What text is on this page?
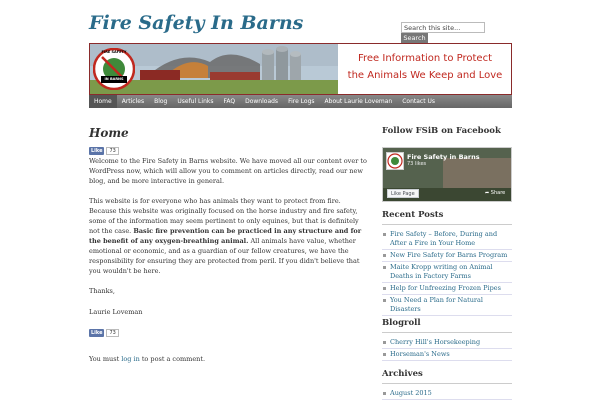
Fire Safety In Barns
Search this site...
Search
FIRE SAFETY
IN BARNS
Free Information to Protect
the Animals We Keep and Love
Home	Articles	Blog	Useful Links	FAQ	Downloads	Fire Logs	About Laurie Loveman	Contact Us
Home
Like	73
Welcome to the Fire Safety in Barns website. We have moved all our content over to WordPress now, which will allow you to comment on articles directly, read our new blog, and be more interactive in general.
This website is for everyone who has animals they want to protect from fire. Because this website was originally focused on the horse industry and fire safety, some of the information may seem pertinent to only equines, but that is definitely not the case. Basic fire prevention can be practiced in any structure and for the benefit of any oxygen-breathing animal. All animals have value, whether emotional or economic, and as a guardian of our fellow creatures, we have the responsibility for ensuring they are protected from peril. If you didn't believe that you wouldn't be here.
Thanks,
Laurie Loveman
Like	73
You must log in to post a comment.
Follow FSiB on Facebook
Fire Safety in Barns
73 likes
Like Page	➦ Share
Recent Posts
Fire Safety – Before, During and After a Fire in Your Home
New Fire Safety for Barns Program
Maite Kropp writing on Animal Deaths in Factory Farms
Help for Unfreezing Frozen Pipes
You Need a Plan for Natural Disasters
Blogroll
Cherry Hill's Horsekeeping
Horseman's News
Archives
August 2015
